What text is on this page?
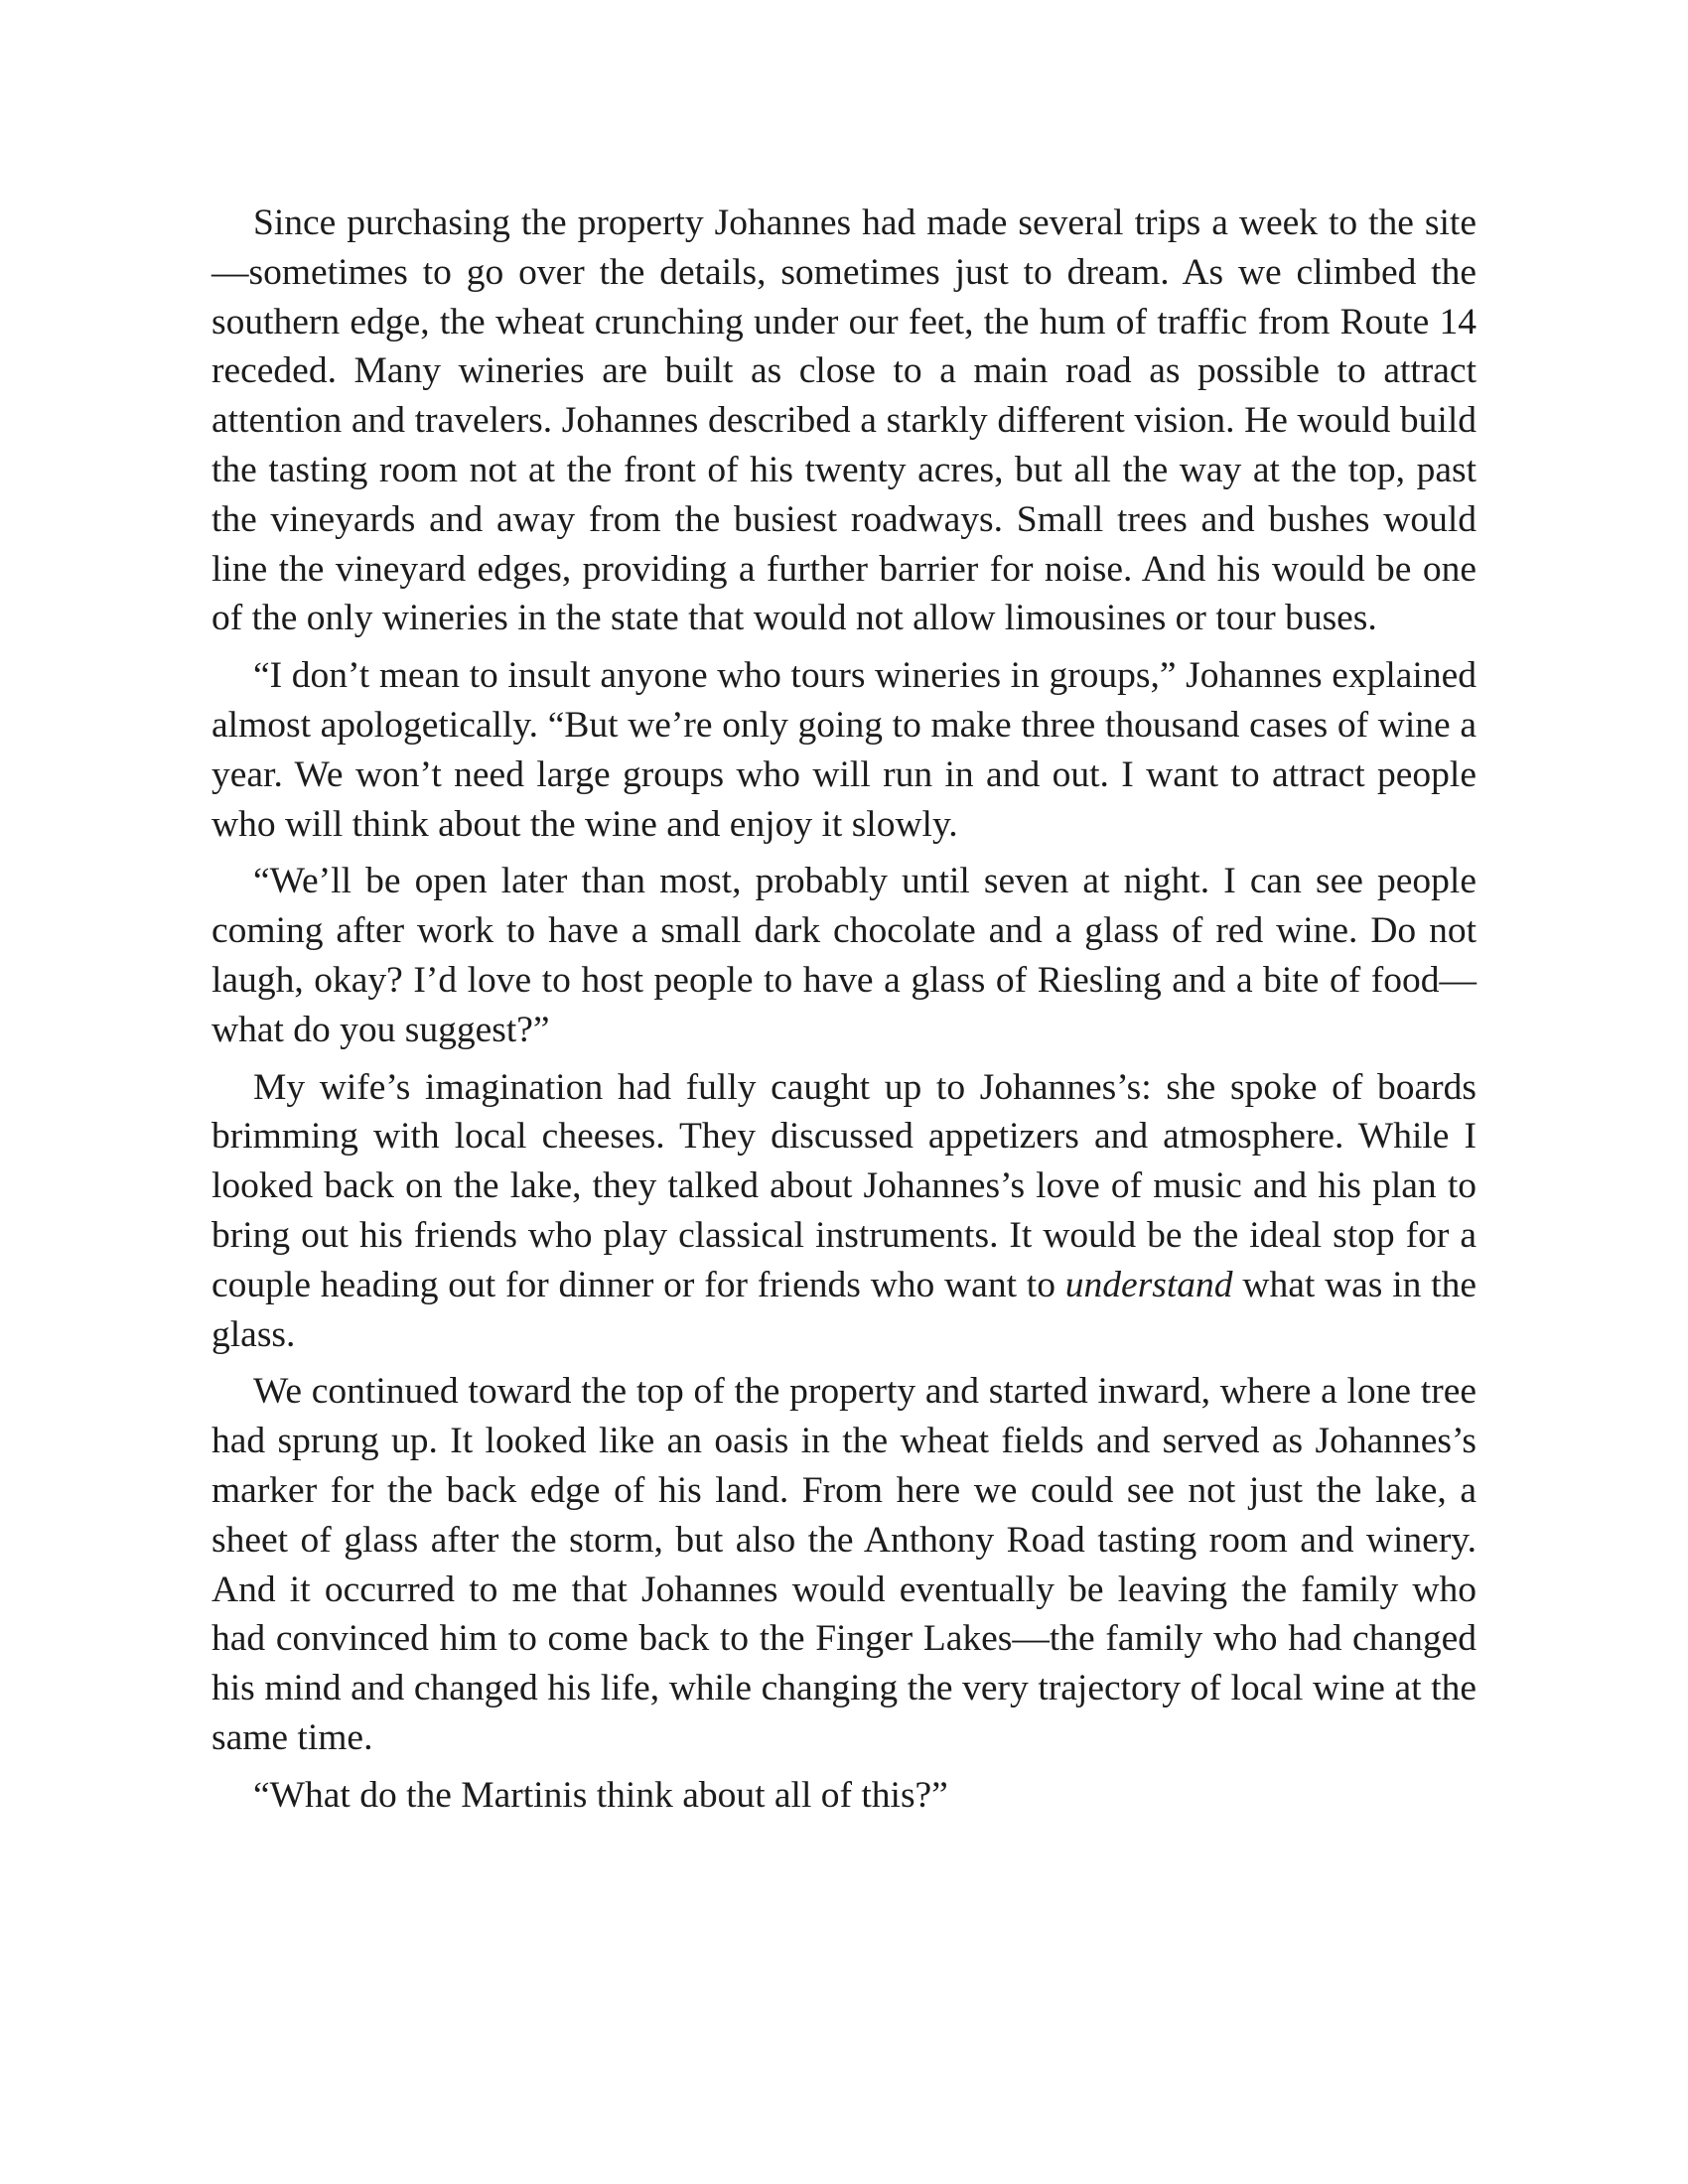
Since purchasing the property Johannes had made several trips a week to the site—sometimes to go over the details, sometimes just to dream. As we climbed the southern edge, the wheat crunching under our feet, the hum of traffic from Route 14 receded. Many wineries are built as close to a main road as possible to attract attention and travelers. Johannes described a starkly different vision. He would build the tasting room not at the front of his twenty acres, but all the way at the top, past the vineyards and away from the busiest roadways. Small trees and bushes would line the vineyard edges, providing a further barrier for noise. And his would be one of the only wineries in the state that would not allow limousines or tour buses.

“I don’t mean to insult anyone who tours wineries in groups,” Johannes explained almost apologetically. “But we’re only going to make three thousand cases of wine a year. We won’t need large groups who will run in and out. I want to attract people who will think about the wine and enjoy it slowly.

“We’ll be open later than most, probably until seven at night. I can see people coming after work to have a small dark chocolate and a glass of red wine. Do not laugh, okay? I’d love to host people to have a glass of Riesling and a bite of food—what do you suggest?”

My wife’s imagination had fully caught up to Johannes’s: she spoke of boards brimming with local cheeses. They discussed appetizers and atmosphere. While I looked back on the lake, they talked about Johannes’s love of music and his plan to bring out his friends who play classical instruments. It would be the ideal stop for a couple heading out for dinner or for friends who want to understand what was in the glass.

We continued toward the top of the property and started inward, where a lone tree had sprung up. It looked like an oasis in the wheat fields and served as Johannes’s marker for the back edge of his land. From here we could see not just the lake, a sheet of glass after the storm, but also the Anthony Road tasting room and winery. And it occurred to me that Johannes would eventually be leaving the family who had convinced him to come back to the Finger Lakes—the family who had changed his mind and changed his life, while changing the very trajectory of local wine at the same time.

“What do the Martinis think about all of this?”
